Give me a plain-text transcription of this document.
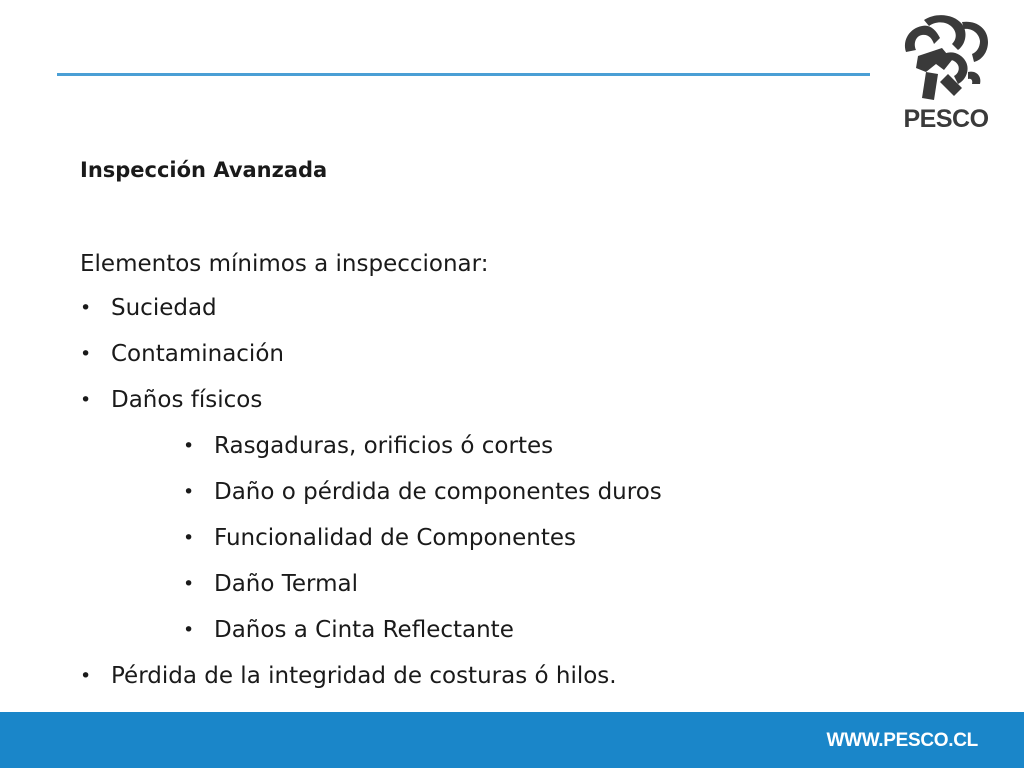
PESCO
Inspección Avanzada

Elementos mínimos a inspeccionar:

• Suciedad
• Contaminación
• Daños físicos
• Rasgaduras, orificios ó cortes
• Daño o pérdida de componentes duros
• Funcionalidad de Componentes
• Daño Termal
• Daños a Cinta Reflectante
• Pérdida de la integridad de costuras ó hilos.
WWW.PESCO.CL
